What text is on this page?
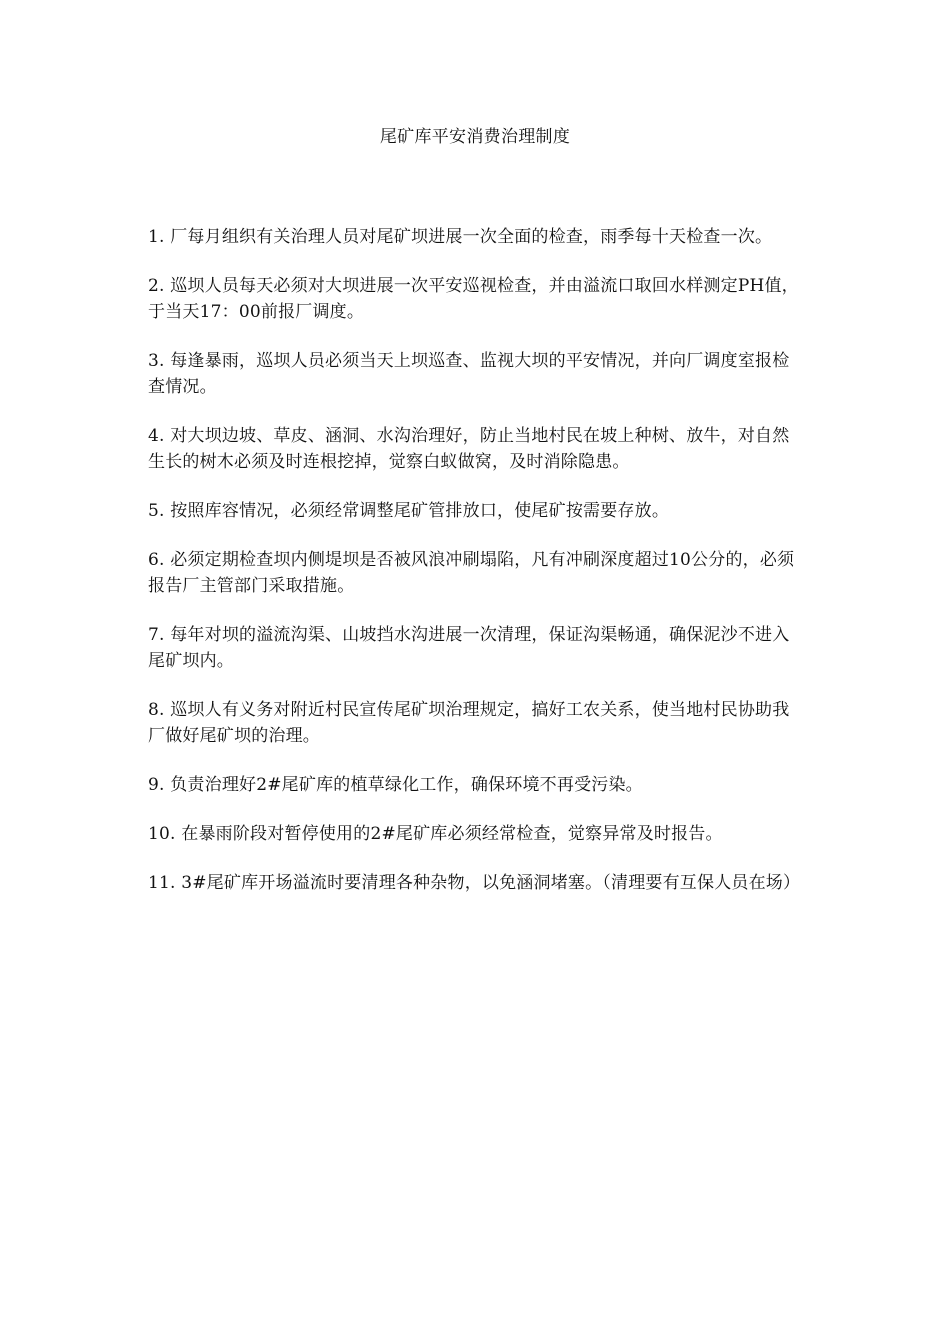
尾矿库平安消费治理制度

1. 厂每月组织有关治理人员对尾矿坝进展一次全面的检查，雨季每十天检查一次。

2. 巡坝人员每天必须对大坝进展一次平安巡视检查，并由溢流口取回水样测定PH值，于当天17：00前报厂调度。

3. 每逢暴雨，巡坝人员必须当天上坝巡查、监视大坝的平安情况，并向厂调度室报检查情况。

4. 对大坝边坡、草皮、涵洞、水沟治理好，防止当地村民在坡上种树、放牛，对自然生长的树木必须及时连根挖掉，觉察白蚁做窝，及时消除隐患。

5. 按照库容情况，必须经常调整尾矿管排放口，使尾矿按需要存放。

6. 必须定期检查坝内侧堤坝是否被风浪冲刷塌陷，凡有冲刷深度超过10公分的，必须报告厂主管部门采取措施。

7. 每年对坝的溢流沟渠、山坡挡水沟进展一次清理，保证沟渠畅通，确保泥沙不进入尾矿坝内。

8. 巡坝人有义务对附近村民宣传尾矿坝治理规定，搞好工农关系，使当地村民协助我厂做好尾矿坝的治理。

9. 负责治理好2#尾矿库的植草绿化工作，确保环境不再受污染。

10. 在暴雨阶段对暂停使用的2#尾矿库必须经常检查，觉察异常及时报告。

11. 3#尾矿库开场溢流时要清理各种杂物，以免涵洞堵塞。（清理要有互保人员在场）
